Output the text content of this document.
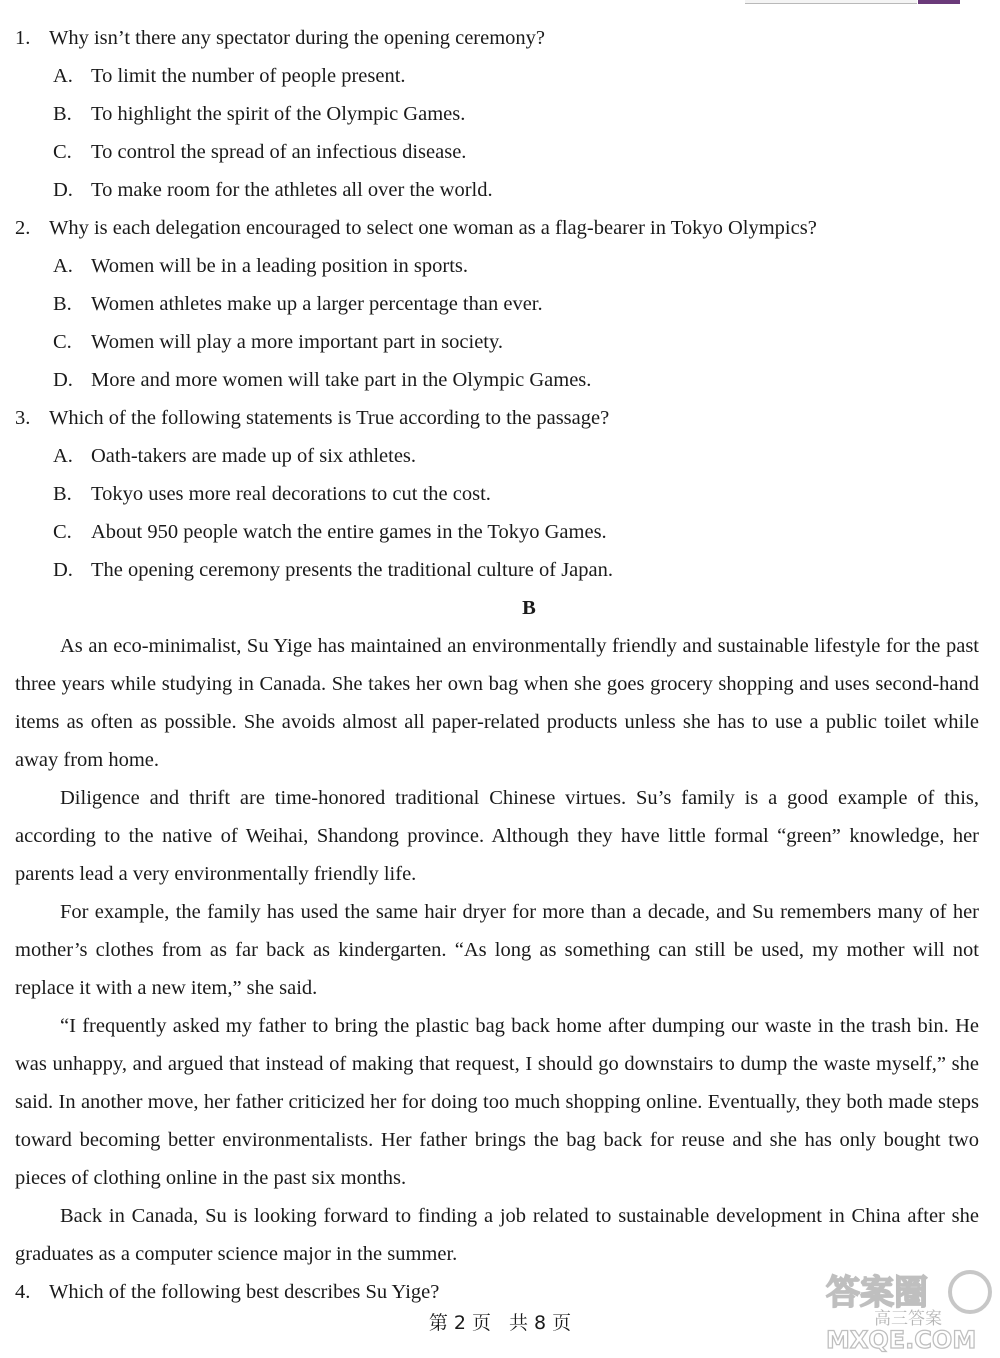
1. Why isn’t there any spectator during the opening ceremony?
A. To limit the number of people present.
B. To highlight the spirit of the Olympic Games.
C. To control the spread of an infectious disease.
D. To make room for the athletes all over the world.
2. Why is each delegation encouraged to select one woman as a flag-bearer in Tokyo Olympics?
A. Women will be in a leading position in sports.
B. Women athletes make up a larger percentage than ever.
C. Women will play a more important part in society.
D. More and more women will take part in the Olympic Games.
3. Which of the following statements is True according to the passage?
A. Oath-takers are made up of six athletes.
B. Tokyo uses more real decorations to cut the cost.
C. About 950 people watch the entire games in the Tokyo Games.
D. The opening ceremony presents the traditional culture of Japan.
B
As an eco-minimalist, Su Yige has maintained an environmentally friendly and sustainable lifestyle for the past three years while studying in Canada. She takes her own bag when she goes grocery shopping and uses second-hand items as often as possible. She avoids almost all paper-related products unless she has to use a public toilet while away from home.
Diligence and thrift are time-honored traditional Chinese virtues. Su’s family is a good example of this, according to the native of Weihai, Shandong province. Although they have little formal “green” knowledge, her parents lead a very environmentally friendly life.
For example, the family has used the same hair dryer for more than a decade, and Su remembers many of her mother’s clothes from as far back as kindergarten. “As long as something can still be used, my mother will not replace it with a new item,” she said.
“I frequently asked my father to bring the plastic bag back home after dumping our waste in the trash bin. He was unhappy, and argued that instead of making that request, I should go downstairs to dump the waste myself,” she said. In another move, her father criticized her for doing too much shopping online. Eventually, they both made steps toward becoming better environmentalists. Her father brings the bag back for reuse and she has only bought two pieces of clothing online in the past six months.
Back in Canada, Su is looking forward to finding a job related to sustainable development in China after she graduates as a computer science major in the summer.
4. Which of the following best describes Su Yige?
第 2 页 共 8 页
答案圈
高三答案
MXQE.COM
